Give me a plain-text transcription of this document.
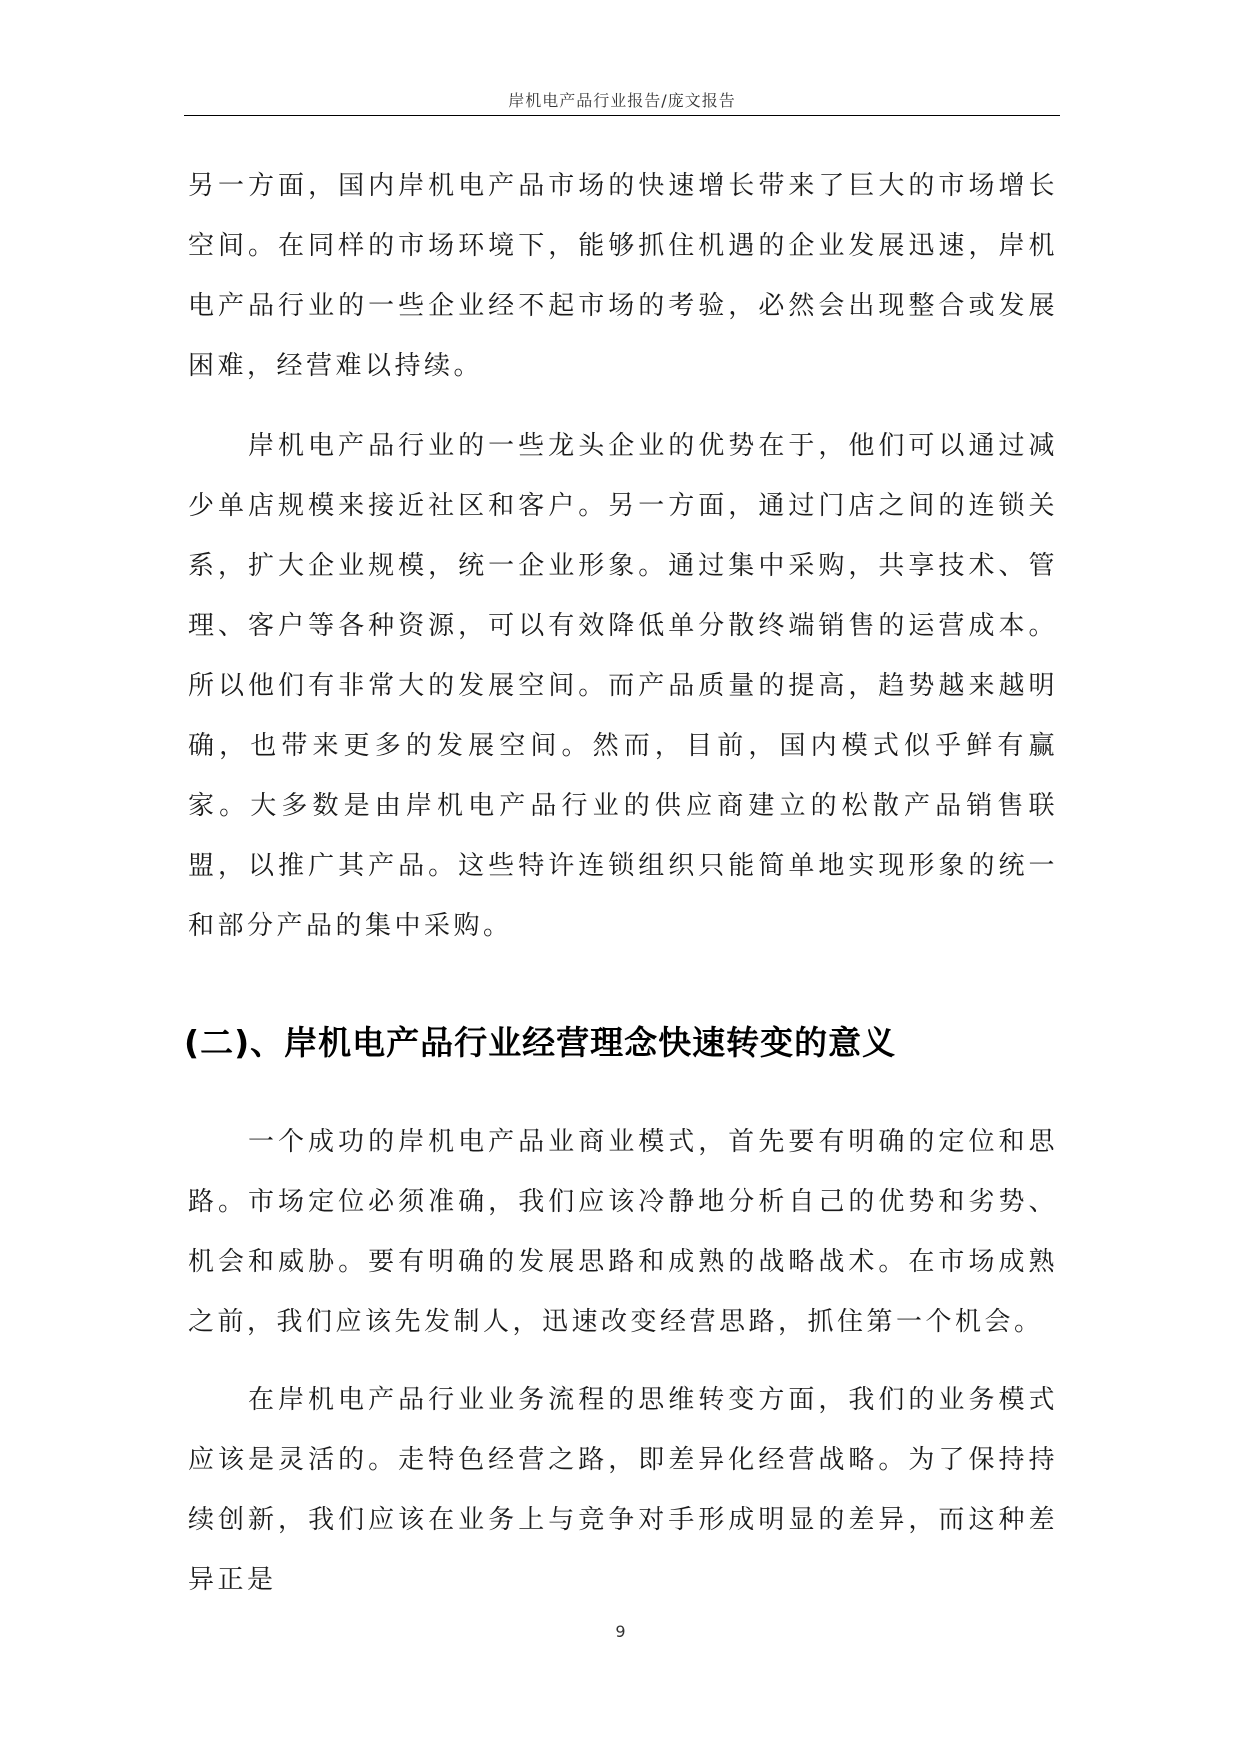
岸机电产品行业报告/庞文报告

另一方面，国内岸机电产品市场的快速增长带来了巨大的市场增长空间。在同样的市场环境下，能够抓住机遇的企业发展迅速，岸机电产品行业的一些企业经不起市场的考验，必然会出现整合或发展困难，经营难以持续。

岸机电产品行业的一些龙头企业的优势在于，他们可以通过减少单店规模来接近社区和客户。另一方面，通过门店之间的连锁关系，扩大企业规模，统一企业形象。通过集中采购，共享技术、管理、客户等各种资源，可以有效降低单分散终端销售的运营成本。所以他们有非常大的发展空间。而产品质量的提高，趋势越来越明确，也带来更多的发展空间。然而，目前，国内模式似乎鲜有赢家。大多数是由岸机电产品行业的供应商建立的松散产品销售联盟，以推广其产品。这些特许连锁组织只能简单地实现形象的统一和部分产品的集中采购。

(二)、岸机电产品行业经营理念快速转变的意义

一个成功的岸机电产品业商业模式，首先要有明确的定位和思路。市场定位必须准确，我们应该冷静地分析自己的优势和劣势、机会和威胁。要有明确的发展思路和成熟的战略战术。在市场成熟之前，我们应该先发制人，迅速改变经营思路，抓住第一个机会。

在岸机电产品行业业务流程的思维转变方面，我们的业务模式应该是灵活的。走特色经营之路，即差异化经营战略。为了保持持续创新，我们应该在业务上与竞争对手形成明显的差异，而这种差异正是

9
